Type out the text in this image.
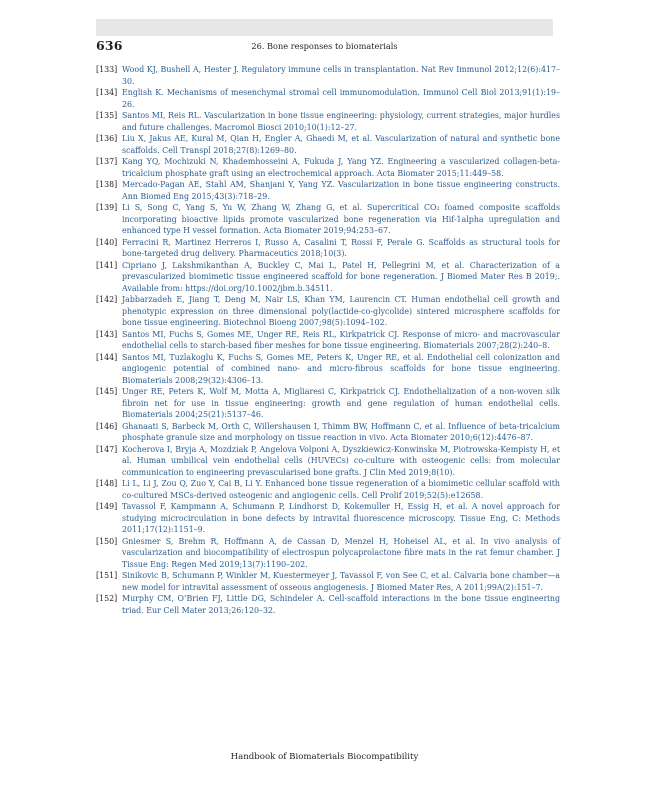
636	26. Bone responses to biomaterials
[133] Wood KJ, Bushell A, Hester J. Regulatory immune cells in transplantation. Nat Rev Immunol 2012;12(6):417–30.
[134] English K. Mechanisms of mesenchymal stromal cell immunomodulation. Immunol Cell Biol 2013;91(1):19–26.
[135] Santos MI, Reis RL. Vascularization in bone tissue engineering: physiology, current strategies, major hurdles and future challenges. Macromol Biosci 2010;10(1):12–27.
[136] Liu X, Jakus AE, Kural M, Qian H, Engler A, Ghaedi M, et al. Vascularization of natural and synthetic bone scaffolds. Cell Transpl 2018;27(8):1269–80.
[137] Kang YQ, Mochizuki N, Khademhosseini A, Fukuda J, Yang YZ. Engineering a vascularized collagen-beta-tricalcium phosphate graft using an electrochemical approach. Acta Biomater 2015;11:449–58.
[138] Mercado-Pagan AE, Stahl AM, Shanjani Y, Yang YZ. Vascularization in bone tissue engineering constructs. Ann Biomed Eng 2015;43(3):718–29.
[139] Li S, Song C, Yang S, Yu W, Zhang W, Zhang G, et al. Supercritical CO₂ foamed composite scaffolds incorporating bioactive lipids promote vascularized bone regeneration via Hif-1alpha upregulation and enhanced type H vessel formation. Acta Biomater 2019;94:253–67.
[140] Ferracini R, Martinez Herreros I, Russo A, Casalini T, Rossi F, Perale G. Scaffolds as structural tools for bone-targeted drug delivery. Pharmaceutics 2018;10(3).
[141] Cipriano J, Lakshmikanthan A, Buckley C, Mai L, Patel H, Pellegrini M, et al. Characterization of a prevascularized biomimetic tissue engineered scaffold for bone regeneration. J Biomed Mater Res B 2019;. Available from: https://doi.org/10.1002/jbm.b.34511.
[142] Jabbarzadeh E, Jiang T, Deng M, Nair LS, Khan YM, Laurencin CT. Human endothelial cell growth and phenotypic expression on three dimensional poly(lactide-co-glycolide) sintered microsphere scaffolds for bone tissue engineering. Biotechnol Bioeng 2007;98(5):1094–102.
[143] Santos MI, Fuchs S, Gomes ME, Unger RE, Reis RL, Kirkpatrick CJ. Response of micro- and macrovascular endothelial cells to starch-based fiber meshes for bone tissue engineering. Biomaterials 2007;28(2):240–8.
[144] Santos MI, Tuzlakoglu K, Fuchs S, Gomes ME, Peters K, Unger RE, et al. Endothelial cell colonization and angiogenic potential of combined nano- and micro-fibrous scaffolds for bone tissue engineering. Biomaterials 2008;29(32):4306–13.
[145] Unger RE, Peters K, Wolf M, Motta A, Migliaresi C, Kirkpatrick CJ. Endothelialization of a non-woven silk fibroin net for use in tissue engineering: growth and gene regulation of human endothelial cells. Biomaterials 2004;25(21):5137–46.
[146] Ghanaati S, Barbeck M, Orth C, Willershausen I, Thimm BW, Hoffmann C, et al. Influence of beta-tricalcium phosphate granule size and morphology on tissue reaction in vivo. Acta Biomater 2010;6(12):4476–87.
[147] Kocherova I, Bryja A, Mozdziak P, Angelova Volponi A, Dyszkiewicz-Konwinska M, Piotrowska-Kempisty H, et al. Human umbilical vein endothelial cells (HUVECs) co-culture with osteogenic cells: from molecular communication to engineering prevascularised bone grafts. J Clin Med 2019;8(10).
[148] Li L, Li J, Zou Q, Zuo Y, Cai B, Li Y. Enhanced bone tissue regeneration of a biomimetic cellular scaffold with co-cultured MSCs-derived osteogenic and angiogenic cells. Cell Prolif 2019;52(5):e12658.
[149] Tavassol F, Kampmann A, Schumann P, Lindhorst D, Kokemuller H, Essig H, et al. A novel approach for studying microcirculation in bone defects by intravital fluorescence microscopy. Tissue Eng, C: Methods 2011;17(12):1151–9.
[150] Gniesmer S, Brehm R, Hoffmann A, de Cassan D, Menzel H, Hoheisel AL, et al. In vivo analysis of vascularization and biocompatibility of electrospun polycaprolactone fibre mats in the rat femur chamber. J Tissue Eng: Regen Med 2019;13(7):1190–202.
[151] Sinikovic B, Schumann P, Winkler M, Kuestermeyer J, Tavassol F, von See C, et al. Calvaria bone chamber—a new model for intravital assessment of osseous angiogenesis. J Biomed Mater Res, A 2011;99A(2):151–7.
[152] Murphy CM, O’Brien FJ, Little DG, Schindeler A. Cell-scaffold interactions in the bone tissue engineering triad. Eur Cell Mater 2013;26:120–32.
Handbook of Biomaterials Biocompatibility
